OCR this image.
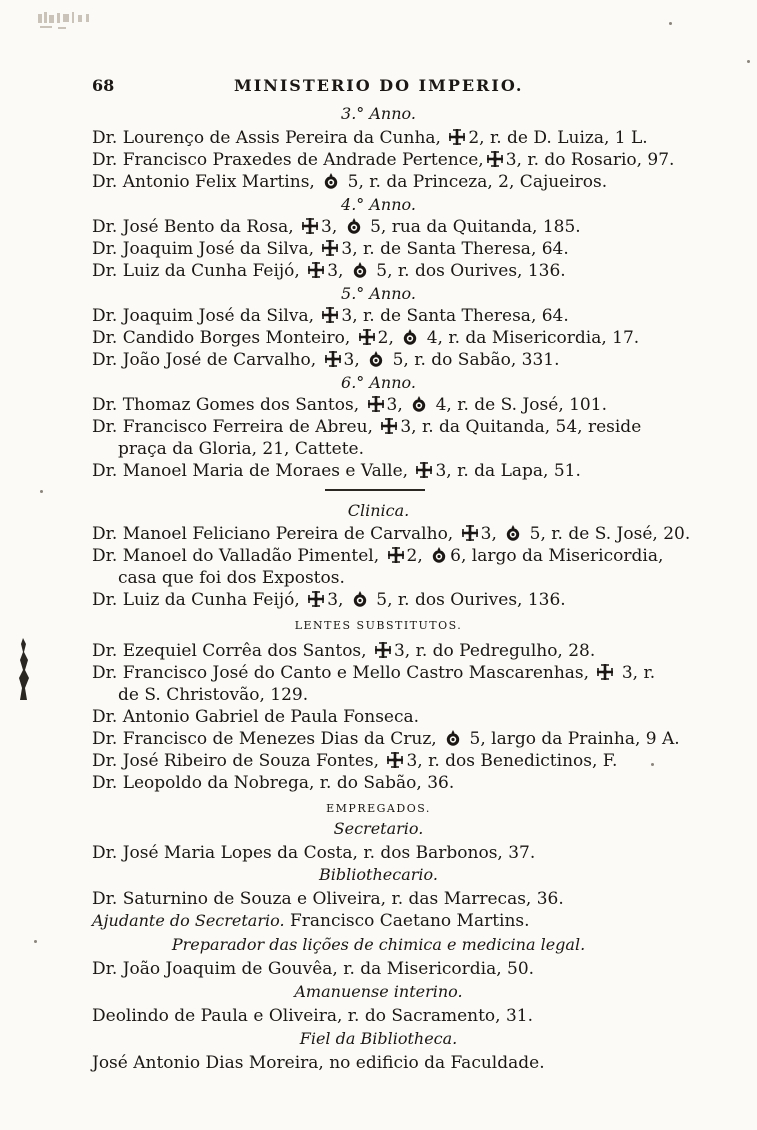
68	MINISTERIO DO IMPERIO.
3.° Anno.
Dr. Lourenço de Assis Pereira da Cunha, 2, r. de D. Luiza, 1 L.
Dr. Francisco Praxedes de Andrade Pertence, 3, r. do Rosario, 97.
Dr. Antonio Felix Martins, 5, r. da Princeza, 2, Cajueiros.
4.° Anno.
Dr. José Bento da Rosa, 3, 5, rua da Quitanda, 185.
Dr. Joaquim José da Silva, 3, r. de Santa Theresa, 64.
Dr. Luiz da Cunha Feijó, 3, 5, r. dos Ourives, 136.
5.° Anno.
Dr. Joaquim José da Silva, 3, r. de Santa Theresa, 64.
Dr. Candido Borges Monteiro, 2, 4, r. da Misericordia, 17.
Dr. João José de Carvalho, 3, 5, r. do Sabão, 331.
6.° Anno.
Dr. Thomaz Gomes dos Santos, 3, 4, r. de S. José, 101.
Dr. Francisco Ferreira de Abreu, 3, r. da Quitanda, 54, reside
praça da Gloria, 21, Cattete.
Dr. Manoel Maria de Moraes e Valle, 3, r. da Lapa, 51.
Clinica.
Dr. Manoel Feliciano Pereira de Carvalho, 3, 5, r. de S. José, 20.
Dr. Manoel do Valladão Pimentel, 2, 6, largo da Misericordia,
casa que foi dos Expostos.
Dr. Luiz da Cunha Feijó, 3, 5, r. dos Ourives, 136.
LENTES SUBSTITUTOS.
Dr. Ezequiel Corrêa dos Santos, 3, r. do Pedregulho, 28.
Dr. Francisco José do Canto e Mello Castro Mascarenhas, 3, r.
de S. Christovão, 129.
Dr. Antonio Gabriel de Paula Fonseca.
Dr. Francisco de Menezes Dias da Cruz, 5, largo da Prainha, 9 A.
Dr. José Ribeiro de Souza Fontes, 3, r. dos Benedictinos, F.
Dr. Leopoldo da Nobrega, r. do Sabão, 36.
EMPREGADOS.
Secretario.
Dr. José Maria Lopes da Costa, r. dos Barbonos, 37.
Bibliothecario.
Dr. Saturnino de Souza e Oliveira, r. das Marrecas, 36.
Ajudante do Secretario. Francisco Caetano Martins.
Preparador das lições de chimica e medicina legal.
Dr. João Joaquim de Gouvêa, r. da Misericordia, 50.
Amanuense interino.
Deolindo de Paula e Oliveira, r. do Sacramento, 31.
Fiel da Bibliotheca.
José Antonio Dias Moreira, no edificio da Faculdade.
